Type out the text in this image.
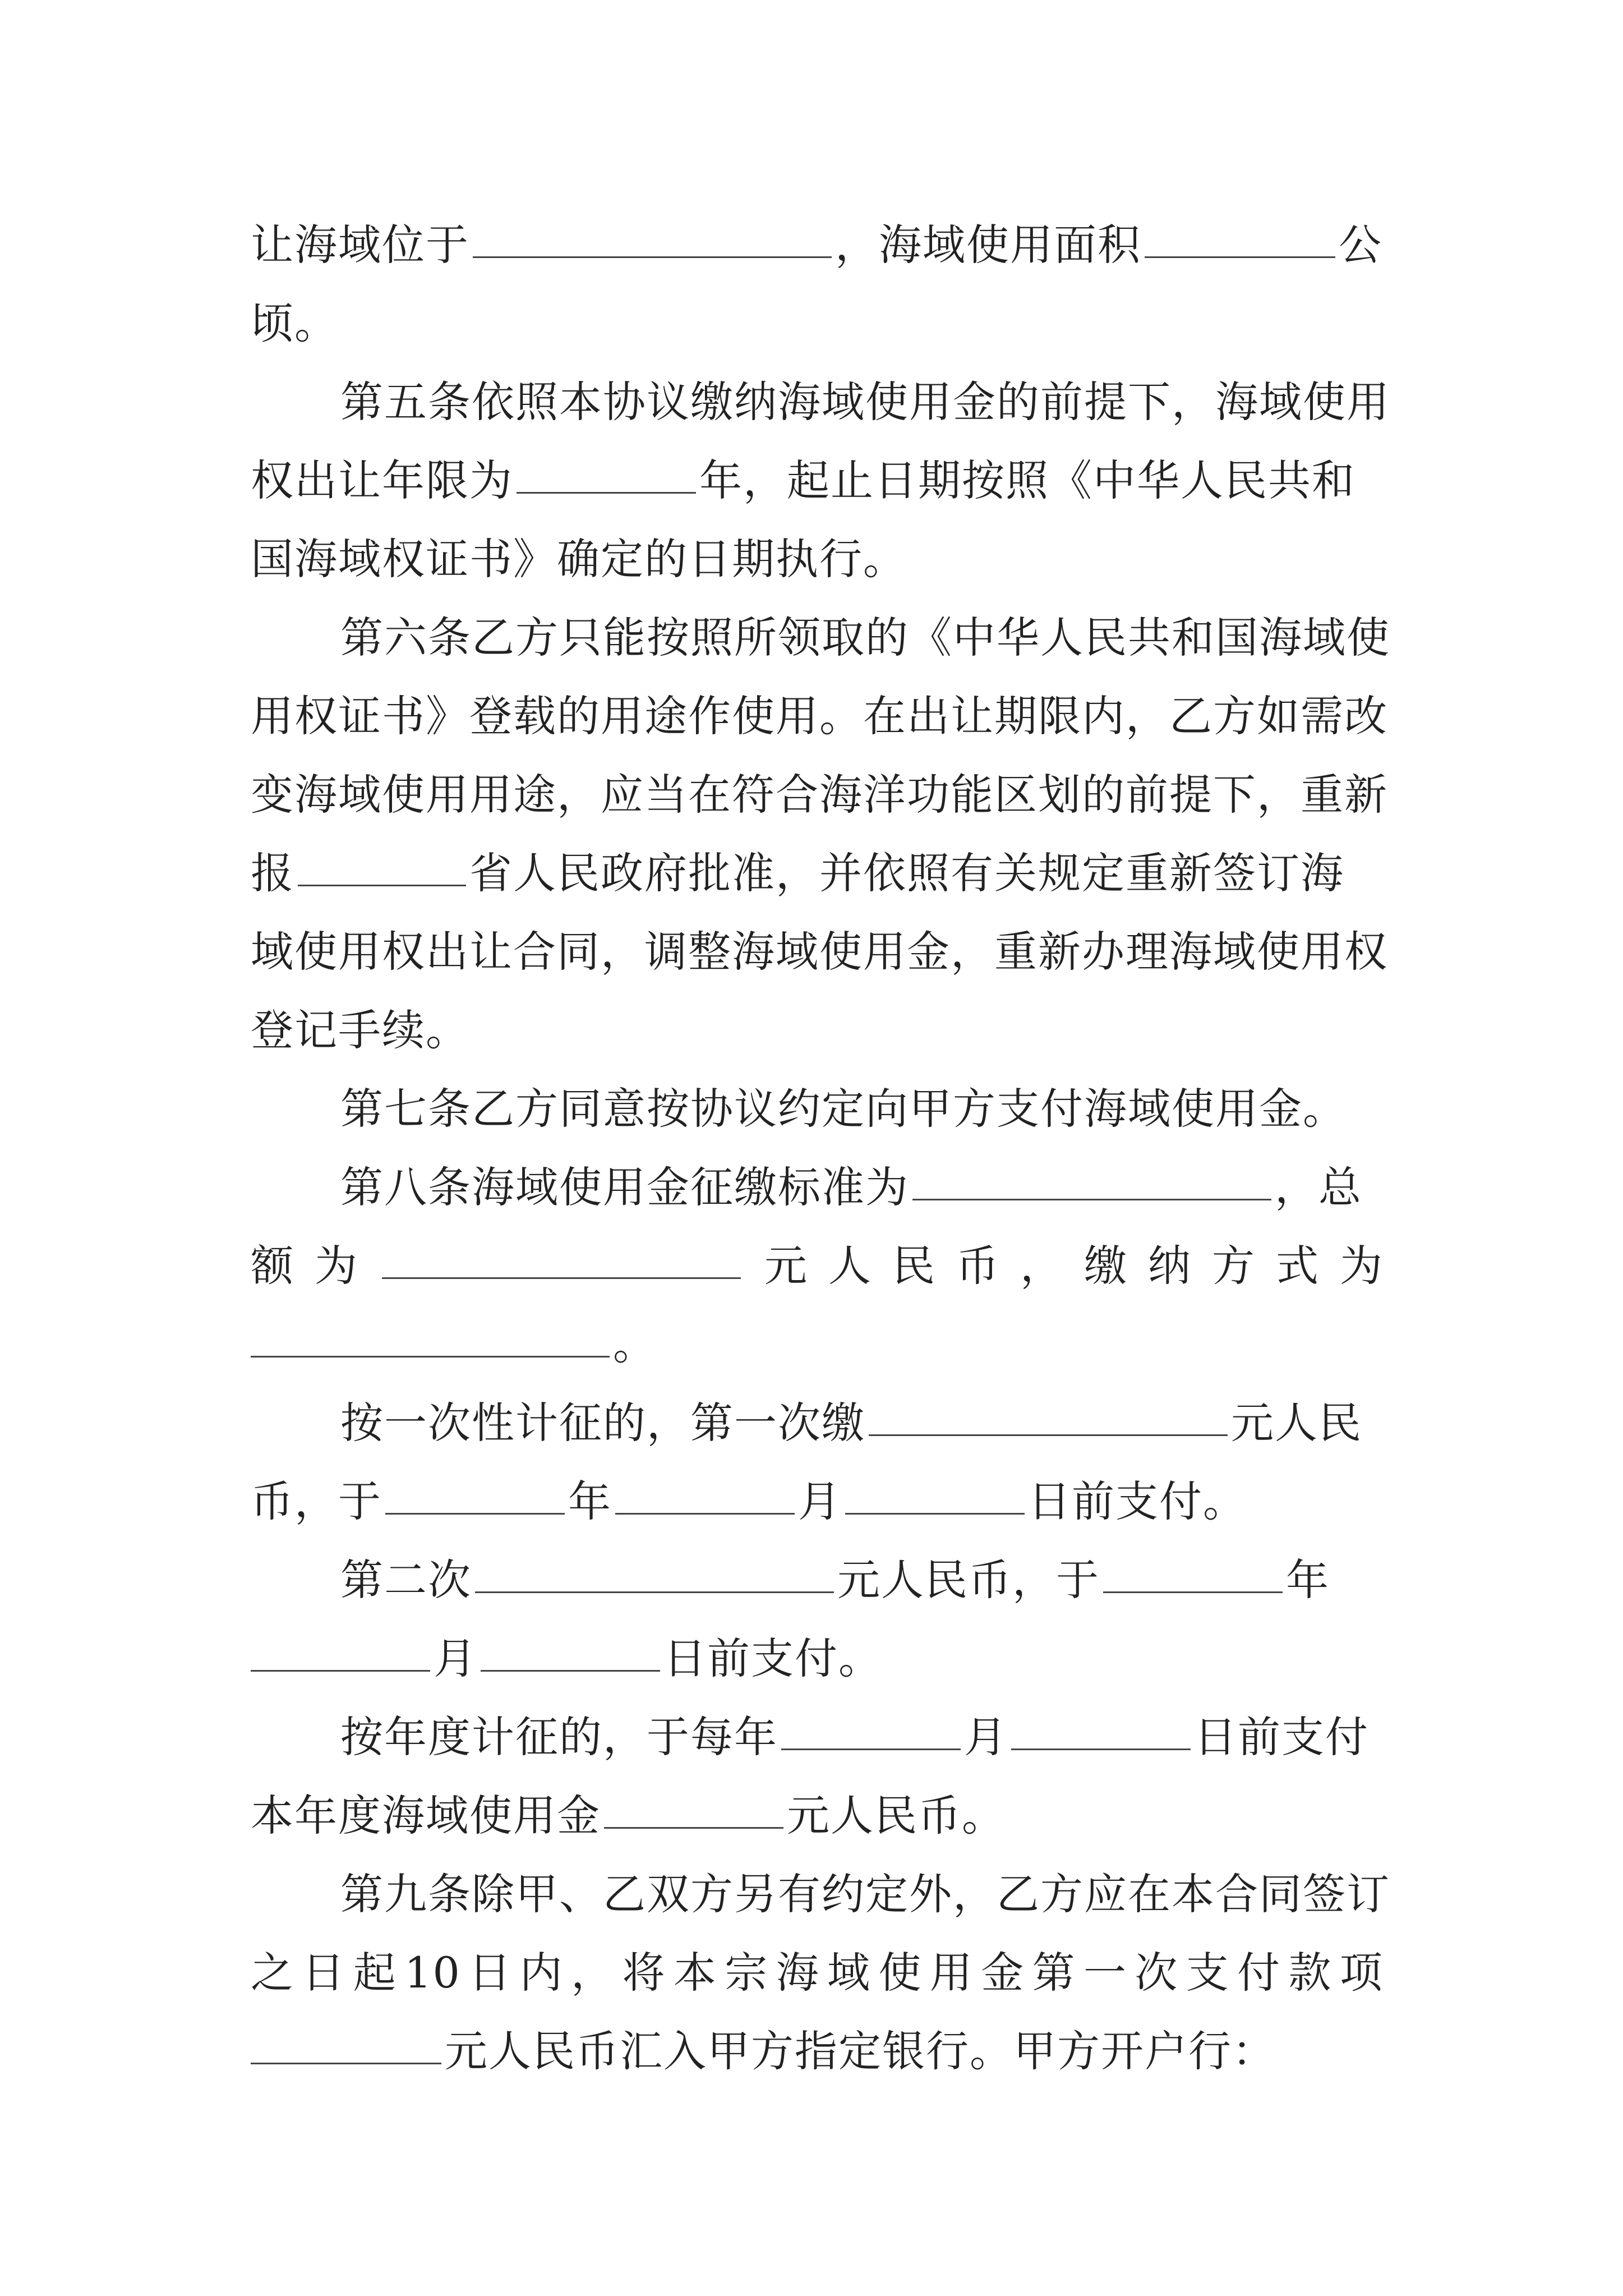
让海域位于	，海域使用面积	公
顷。
第五条依照本协议缴纳海域使用金的前提下，海域使用
权出让年限为	年，起止日期按照《中华人民共和
国海域权证书》确定的日期执行。
第六条乙方只能按照所领取的《中华人民共和国海域使
用权证书》登载的用途作使用。在出让期限内，乙方如需改
变海域使用用途，应当在符合海洋功能区划的前提下，重新
报	省人民政府批准，并依照有关规定重新签订海
域使用权出让合同，调整海域使用金，重新办理海域使用权
登记手续。
第七条乙方同意按协议约定向甲方支付海域使用金。
第八条海域使用金征缴标准为	，总
额 为	元 人 民 币 ， 缴 纳 方 式 为
。
按一次性计征的，第一次缴	元人民
币，于	年	月	日前支付。
第二次	元人民币，于	年
月	日前支付。
按年度计征的，于每年	月	日前支付
本年度海域使用金	元人民币。
第九条除甲、乙双方另有约定外，乙方应在本合同签订
之 日 起 10 日 内 ， 将 本 宗 海 域 使 用 金 第 一 次 支 付 款 项
元人民币汇入甲方指定银行。甲方开户行：
